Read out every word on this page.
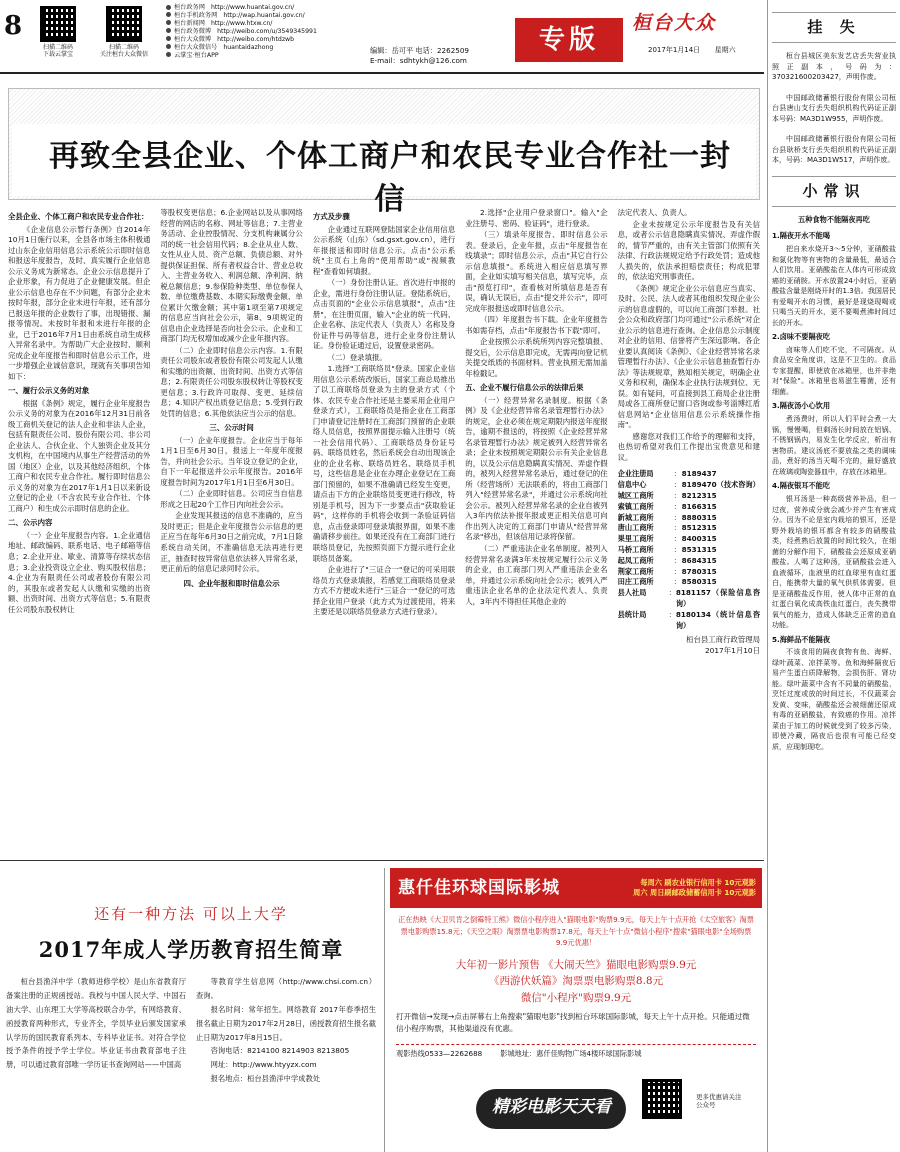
8
扫描二维码
下载云掌宝
扫描二维码
关注桓台大众微信
桓台政务网 http://www.huantai.gov.cn/
桓台手机政务网 http://wap.huantai.gov.cn/
桓台新闻网 http://www.htxw.cn/
桓台政务微博 http://weibo.com/u/3549345991
桓台大众微博 http://weibo.com/htdzwb
桓台大众微信号 huantaidazhong
云掌宝·桓台APP
编辑：岳可平 电话：2262509
E-mail：sdhtykh@126.com
专版
桓台大众
2017年1月14日 星期六
再致全县企业、个体工商户和农民专业合作社一封信

全县企业、个体工商户和农民专业合作社：

《企业信息公示暂行条例》自2014年10月1日施行以来，全县各市场主体积极通过山东企业信用信息公示系统公示即时信息和报送年度报告，及时、真实履行企业信息公示义务成为新常态。企业公示信息提升了企业形象，有力促进了企业健康发展。但企业公示信息也存在不少问题，有部分企业未按时年报，部分企业未进行年报，还有部分已报送年报的企业数行了事，出现错报、漏报等情况。未按时年报和未进行年报的企业，已于2016年7月1日由系统自动生成移入异常名录中。为帮助广大企业按时、顺利完成企业年度报告和即时信息公示工作，进一步增强企业诚信意识，现就有关事项告知如下：

一、履行公示义务的对象

根据《条例》规定，履行企业年度报告公示义务的对象为在2016年12月31日前各级工商机关登记的法人企业和非法人企业，包括有限责任公司、股份有限公司、非公司企业法人、合伙企业、个人独资企业及其分支机构，在中国境内从事生产经营活动的外国（地区）企业，以及其他经济组织、个体工商户和农民专业合作社。履行即时信息公示义务的对象为在2017年1月1日以来新设立登记的企业（不含农民专业合作社、个体工商户）和生成公示即时信息的企业。

二、公示内容

（一）企业年度报告内容。1.企业通信地址、邮政编码、联系电话、电子邮箱等信息；2.企业开业、歇业、清算等存续状态信息；3.企业投资设立企业、购买股权信息；4.企业为有限责任公司或者股份有限公司的，其股东或者发起人认缴和实缴的出资额、出资时间、出资方式等信息；5.有限责任公司股东股权转让

等股权变更信息；6.企业网站以及从事网络经营的网店的名称、网址等信息；7.主营业务活动、企业控股情况、分支机构兼属分公司的统一社会信用代码；8.企业从业人数、女性从业人员、资产总额、负债总额、对外提供保证担保、所有者权益合计、营业总收入、主营业务收入、利润总额、净利润、纳税总额信息；9.参保险种类型、单位参保人数、单位缴费基数、本期实际缴费金额、单位累计欠缴金额；其中第1项至第7项规定的信息应当向社会公示，第8、9项规定的信息由企业选择是否向社会公示。企业和工商部门均无权增加或减少企业年报内容。

（二）企业即时信息公示内容。1.有限责任公司股东或者股份有限公司发起人认缴和实缴的出资额、出资时间、出资方式等信息；2.有限责任公司股东股权转让等股权变更信息；3.行政许可取得、变更、延续信息；4.知识产权出质登记信息；5.受到行政处罚的信息；6.其他依法应当公示的信息。

三、公示时间

（一）企业年度报告。企业应当于每年1月1日至6月30日，报送上一年度年度报告，并向社会公示。当年设立登记的企业，自下一年起报送并公示年度报告。2016年度报告时间为2017年1月1日至6月30日。

（二）企业即时信息。公司应当自信息形成之日起20个工作日内向社会公示。

企业发现其报送的信息不准确的，应当及时更正；但是企业年度报告公示信息的更正应当在每年6月30日之前完成，7月1日除系统自动关闭，不准确信息无法再进行更正，抽查时按异常信息依法移入异常名录，更正前后的信息记录同时公示。

四、企业年报和即时信息公示

方式及步骤

企业通过互联网登陆国家企业信用信息公示系统（山东）（sd.gsxt.gov.cn），进行年报报送和即时信息公示。点击"公示系统"主页右上角的"使用帮助"或"视频教程"查看如何填报。

（一）身份注册认证。首次进行申报的企业，需进行身份注册认证。登陆系统后，点击页面的"企业公示信息填报"，点击"注册"，在注册页面，输入"企业的统一代码、企业名称、法定代表人（负责人）名称及身份证件号码等信息，进行企业身份注册认证。身份验证通过后，设置登录密码。

（二）登录填报。

1.选择"工商联络员"登录。国家企业信用信息公示系统改版后，国家工商总局推出了以工商联络员登录为主的登录方式（个体、农民专业合作社还是主要采用企业用户登录方式），工商联络员是指企业在工商部门申请登记注册时在工商部门预留的企业联络人员信息，按照界面提示输入注册号（统一社会信用代码）、工商联络员身份证号码、联络员姓名，然后系统会自动出现该企业的企业名称、联络员姓名、联络员手机号，这些信息是企业在办理企业登记在工商部门预留的，如果不准确请已经发生变更，请点击下方的企业联络员变更进行修改，特别是手机号，因为下一步要点击"获取验证码"，这样你的手机将会收到一条验证码信息，点击登录即可登录填报界面，如果不准确请移步前往。如果还没有在工商部门进行联络员登记，先按照页面下方提示进行企业联络员备案。

企业进行了"三证合一"登记的可采用联络员方式登录填报，若感觉工商联络员登录方式不方便或未进行"三证合一"登记的可选择企业用户登录（此方式为过渡使用，将来主要还是以联络员登录方式进行登录）。

2.选择"企业用户登录窗口"。输入"企业注册号、密码、验证码"，进行登录。

（三）填录年度报告、即时信息公示表。登录后，企业年报，点击"年度报告在线填录"；即时信息公示，点击"其它自行公示信息填报"。系统进入相应信息填写界面，企业如实填写相关信息，填写完毕，点击"预览打印"，查看核对所填信息是否有误，确认无误后，点击"提交并公示"，即可完成年报报送或即时信息公示。

（四）年度报告书下载。企业年度报告书如需存档，点击"年度报告书下载"即可。

企业按照公示系统所列内容完整填报、提交后，公示信息即完成，无需再向登记机关提交纸质的书面材料。营业执照无需加盖年检戳记。

五、企业不履行信息公示的法律后果

（一）经营异常名录制度。根据《条例》及《企业经营异常名录管理暂行办法》的规定，企业必须在规定期限内报送年度报告，逾期不报送的，将按照《企业经营异常名录管理暂行办法》规定被列入经营异常名录；企业未按照规定期限公示有关企业信息的，以及公示信息隐瞒真实情况、弄虚作假的，被列入经营异常名录后，通过登记的住所（经营场所）无法联系的，将由工商部门列入"经营异常名录"，并通过公示系统向社会公示。被列入经营异常名录的企业自被列入3年内依法补报年报或更正相关信息可向作出列入决定的工商部门申请从"经营异常名录"移出，但该信用记录将保留。

（二）严重违法企业名单制度。被列入经营异常名录满3年未按规定履行公示义务的企业，由工商部门列入严重违法企业名单，并通过公示系统向社会公示；被列入严重违法企业名单的企业法定代表人、负责人，3年内不得担任其他企业的

法定代表人、负责人。

企业未按规定公示年度报告及有关信息，或者公示信息隐瞒真实情况、弄虚作假的，情节严重的，由有关主管部门依照有关法律、行政法规规定给予行政处罚；造成他人损失的，依法承担赔偿责任；构成犯罪的，依法追究刑事责任。

《条例》规定企业公示信息应当真实、及时。公民、法人或者其他组织发现企业公示的信息虚假的，可以向工商部门举报。社会公众和政府部门均可通过"公示系统"对企业公示的信息进行查询。企业信息公示制度对企业的信用、信誉将产生深远影响。各企业要认真阅读《条例》、《企业经营异常名录管理暂行办法》、《企业公示信息抽查暂行办法》等法规规章，熟知相关规定，明确企业义务和权利，确保本企业执行法规到位、无误。如有疑问，可直接到县工商局企业注册局或各工商所登记窗口咨询或参考淄博红盾信息网站"企业信用信息公示系统操作指南"。

感谢您对我们工作给予的理解和支持，也热切希望对我们工作提出宝贵意见和建议。

企业注册局	： 8189437
信息中心	： 8189470（技术咨询）
城区工商所	： 8212315
索镇工商所	： 8166315
新城工商所	： 8880315
唐山工商所	： 8512315
果里工商所	： 8400315
马桥工商所	： 8531315
起凤工商所	： 8684315
荆家工商所	： 8780315
田庄工商所	： 8580315
县人社局	： 8181157（保险信息咨询）
县统计局	： 8180134（统计信息咨询）
桓台县工商行政管理局
2017年1月10日
还有一种方法 可以上大学
2017年成人学历教育招生简章
桓台县渔洋中学（教师进修学校）是山东省教育厅备案注册的正规函授站。我校与中国人民大学、中国石油大学、山东理工大学等高校联合办学，有网络教育、函授教育两种形式，专业齐全，学员毕业后颁发国家承认学历的国民教育系列本、专科毕业证书。对符合学位授予条件的授予学士学位。毕业证书由教育部电子注册，可以通过教育部唯一学历证书查询网站——中国高

等教育学生信息网（http://www.chsi.com.cn）查询。

报名时间：常年招生。网络教育 2017年春季招生报名截止日期为2017年2月28日，函授教育招生报名截止日期为2017年8月15日。

咨询电话：8214100 8214903 8213805

网址：http://www.htyyzx.com

报名地点：桓台县渔洋中学成教处

惠仟佳环球国际影城	每周六 刷农业银行信用卡 10元观影
周六 周日刷邮政储蓄信用卡 10元观影
正在热映《大卫贝肯之倒霉特工熊》微信小程序进入"猫眼电影"购票9.9元，每天上午十点开抢《太空旅客》淘票票电影购票15.8元；《天空之眼》淘票票电影购票17.8元，每天上午十点"微信小程序"搜索"猫眼电影"全场购票9.9元优惠！
大年初一影片预售 《大闹天竺》猫眼电影购票9.9元
《西游伏妖篇》淘票票电影购票8.8元
微信"小程序"购票9.9元
打开微信→发现→点击屏幕右上角搜索"猫眼电影"找到桓台环球国际影城，每天上午十点开抢。只能通过微信小程序购票，其他渠道没有优惠。
观影热线0533—2262688	影城地址：惠仟佳购物广场4楼环球国际影城
精彩电影天天看	更多优惠请关注公众号
挂 失

桓台县城区美东发艺店丢失营业执照正副本，号码为：370321600203427，声明作废。

中国邮政储蓄银行股份有限公司桓台县唐山支行丢失组织机构代码证正副本号码：MA3D1W955，声明作废。

中国邮政储蓄银行股份有限公司桓台县耿桥支行丢失组织机构代码证正副本，号码：MA3D1W517，声明作废。

小常识
五种食物不能隔夜再吃

1.隔夜开水不能喝

把自来水烧开3～5分钟，亚硝酸盐和氯化物等有害物的含量最低，最适合人们饮用。亚硝酸盐在人体内可形成致癌的亚硝胺。开水放置24小时后，亚硝酸盐含量是刚烧开时的1.3倍。我国居民有爱喝开水的习惯，最好是现烧现喝或只喝当天的开水，更不要喝煮沸时间过长的开水。

2.卤味不要隔夜吃

卤味等人们吃不完，不可隔夜。从食品安全角度讲，这是不卫生的。食品专家提醒，即使放在冰箱里，也并非绝对"保险"。冰箱里也易滋生霉菌，还有细菌。

3.隔夜汤小心饮用

煮汤费时，所以人们平时会煮一大锅，慢慢喝，但剩汤长时间放在铝锅、不锈钢锅内，易发生化学反应，析出有害物质。建议汤底不要放盐之类的调味品，煮好的汤当天喝不完的，最好盛放在玻璃或陶瓷器皿中，存放在冰箱里。

4.隔夜银耳不能吃

银耳汤是一种高级营养补品，但一过夜，营养成分就会减少并产生有害成分。因为不论是室内栽培的银耳，还是野外栽培的银耳都含有较多的硝酸盐类，经煮熟后放置的时间比较久，在细菌的分解作用下，硝酸盐会还原成亚硝酸盐。人喝了这种汤，亚硝酸盐会进入血液循环，血液里的红血球里有血红蛋白，能携带大量的氧气供机体需要。但是亚硝酸盐反作用，使人体中正常的血红蛋白氧化成高铁血红蛋白，丧失携带氧气的能力，造成人体缺乏正常的造血功能。

5.海鲜品不能隔夜

不该食用的隔夜食物有鱼、海鲜、绿叶蔬菜、凉拌菜等。鱼和海鲜隔夜后易产生蛋白质降解物，会损伤肝、肾功能。绿叶蔬菜中含有不同量的硝酸盐，烹饪过度或放的时间过长，不仅蔬菜会发黄、变味，硝酸盐还会被细菌还原成有毒的亚硝酸盐，有致癌的作用。凉拌菜由于加工的时候就受到了较多污染，即使冷藏，隔夜后也很有可能已经变质，应现制现吃。
